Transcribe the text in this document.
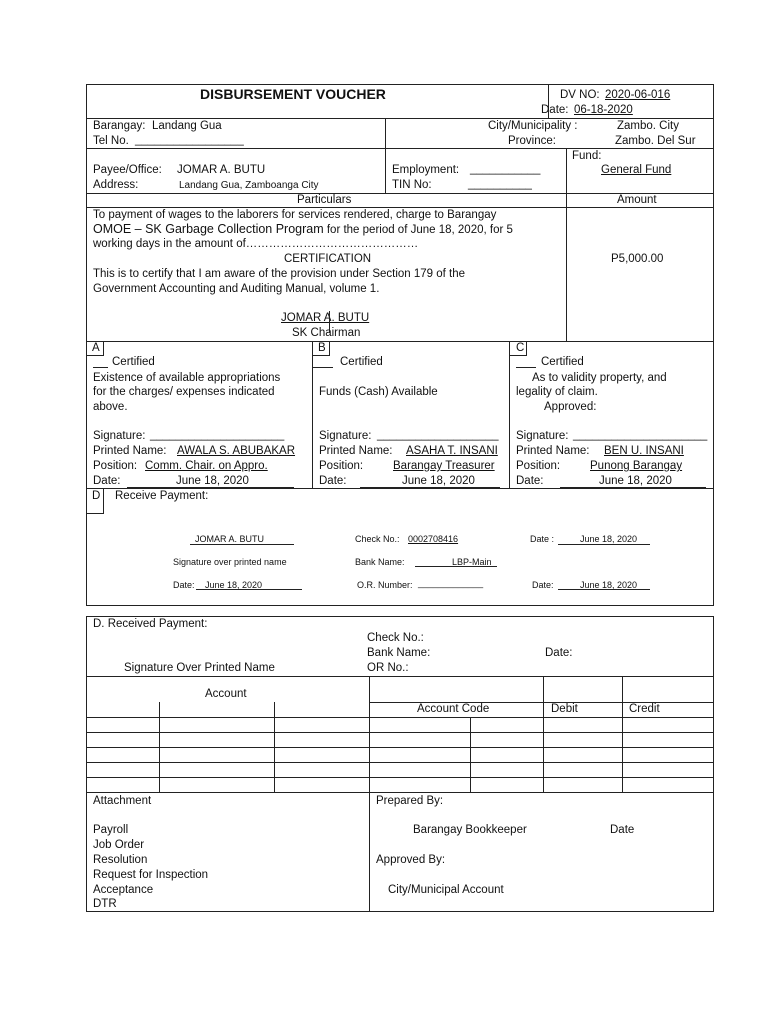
DISBURSEMENT VOUCHER	DV NO: 2020-06-016
Date: 06-18-2020
Barangay: Landang Gua
Tel No. _________________
City/Municipality :	Zambo. City
Province:	Zambo. Del Sur
Payee/Office: JOMAR A. BUTU
Address:	Landang Gua, Zamboanga City
Employment: ___________
TIN No:	__________
Fund:
General Fund
Particulars	Amount
To payment of wages to the laborers for services rendered, charge to Barangay
OMOE – SK Garbage Collection Program for the period of June 18, 2020, for 5
working days in the amount of………………………………………
CERTIFICATION
This is to certify that I am aware of the provision under Section 179 of the
Government Accounting and Auditing Manual, volume 1.
JOMAR A. BUTU
SK Chairman
P5,000.00
A	B	C
Certified
Existence of available appropriations
for the charges/ expenses indicated
above.
Signature: _____________________
Printed Name: AWALA S. ABUBAKAR
Position: Comm. Chair. on Appro.
Date:	June 18, 2020
Certified
Funds (Cash) Available
Signature: ___________________
Printed Name: ASAHA T. INSANI
Position:	Barangay Treasurer
Date:	June 18, 2020
Certified
As to validity property, and
legality of claim.
Approved:
Signature: _____________________
Printed Name: BEN U. INSANI
Position:	Punong Barangay
Date:	June 18, 2020
D Receive Payment:
JOMAR A. BUTU
Signature over printed name
Date: June 18, 2020
Check No.: 0002708416
Bank Name:	LBP-Main
O.R. Number: _____________
Date :	June 18, 2020
Date:	June 18, 2020
D. Received Payment:
Check No.:
Bank Name:	Date:
Signature Over Printed Name	OR No.:
Account
Account Code	Debit	Credit
Attachment
Payroll
Job Order
Resolution
Request for Inspection
Acceptance
DTR
Prepared By:
Barangay Bookkeeper	Date
Approved By:
City/Municipal Account
